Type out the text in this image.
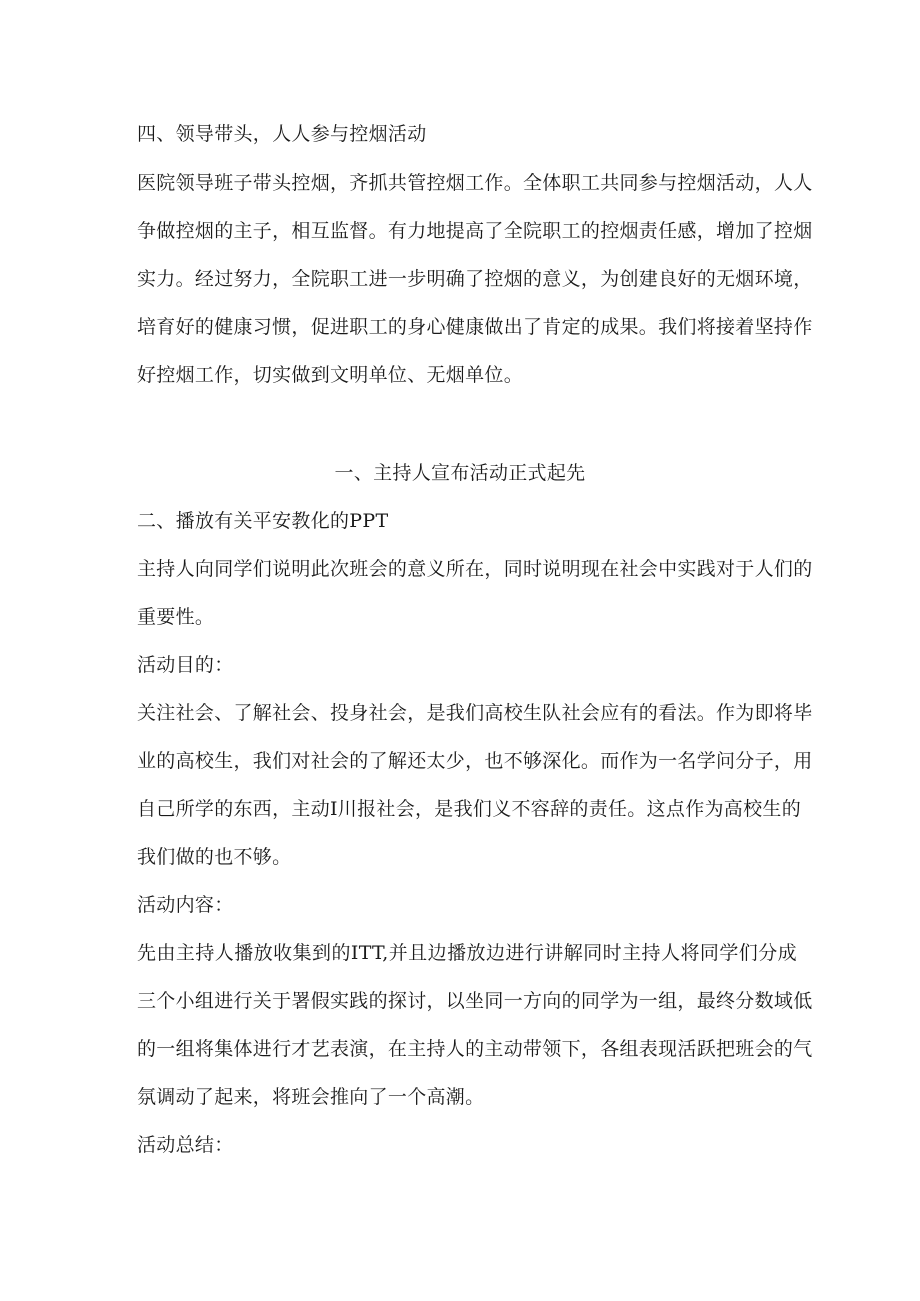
四、领导带头，人人参与控烟活动
医院领导班子带头控烟，齐抓共管控烟工作。全体职工共同参与控烟活动，人人
争做控烟的主子，相互监督。有力地提高了全院职工的控烟责任感，增加了控烟
实力。经过努力，全院职工进一步明确了控烟的意义，为创建良好的无烟环境，
培育好的健康习惯，促进职工的身心健康做出了肯定的成果。我们将接着坚持作
好控烟工作，切实做到文明单位、无烟单位。
一、主持人宣布活动正式起先
二、播放有关平安教化的PPT
主持人向同学们说明此次班会的意义所在，同时说明现在社会中实践对于人们的
重要性。
活动目的：
关注社会、了解社会、投身社会，是我们高校生队社会应有的看法。作为即将毕
业的高校生，我们对社会的了解还太少，也不够深化。而作为一名学问分子，用
自己所学的东西，主动I川报社会，是我们义不容辞的责任。这点作为高校生的
我们做的也不够。
活动内容：
先由主持人播放收集到的ITT,并且边播放边进行讲解同时主持人将同学们分成
三个小组进行关于署假实践的探讨，以坐同一方向的同学为一组，最终分数域低
的一组将集体进行才艺表演，在主持人的主动带领下，各组表现活跃把班会的气
氛调动了起来，将班会推向了一个高潮。
活动总结：
